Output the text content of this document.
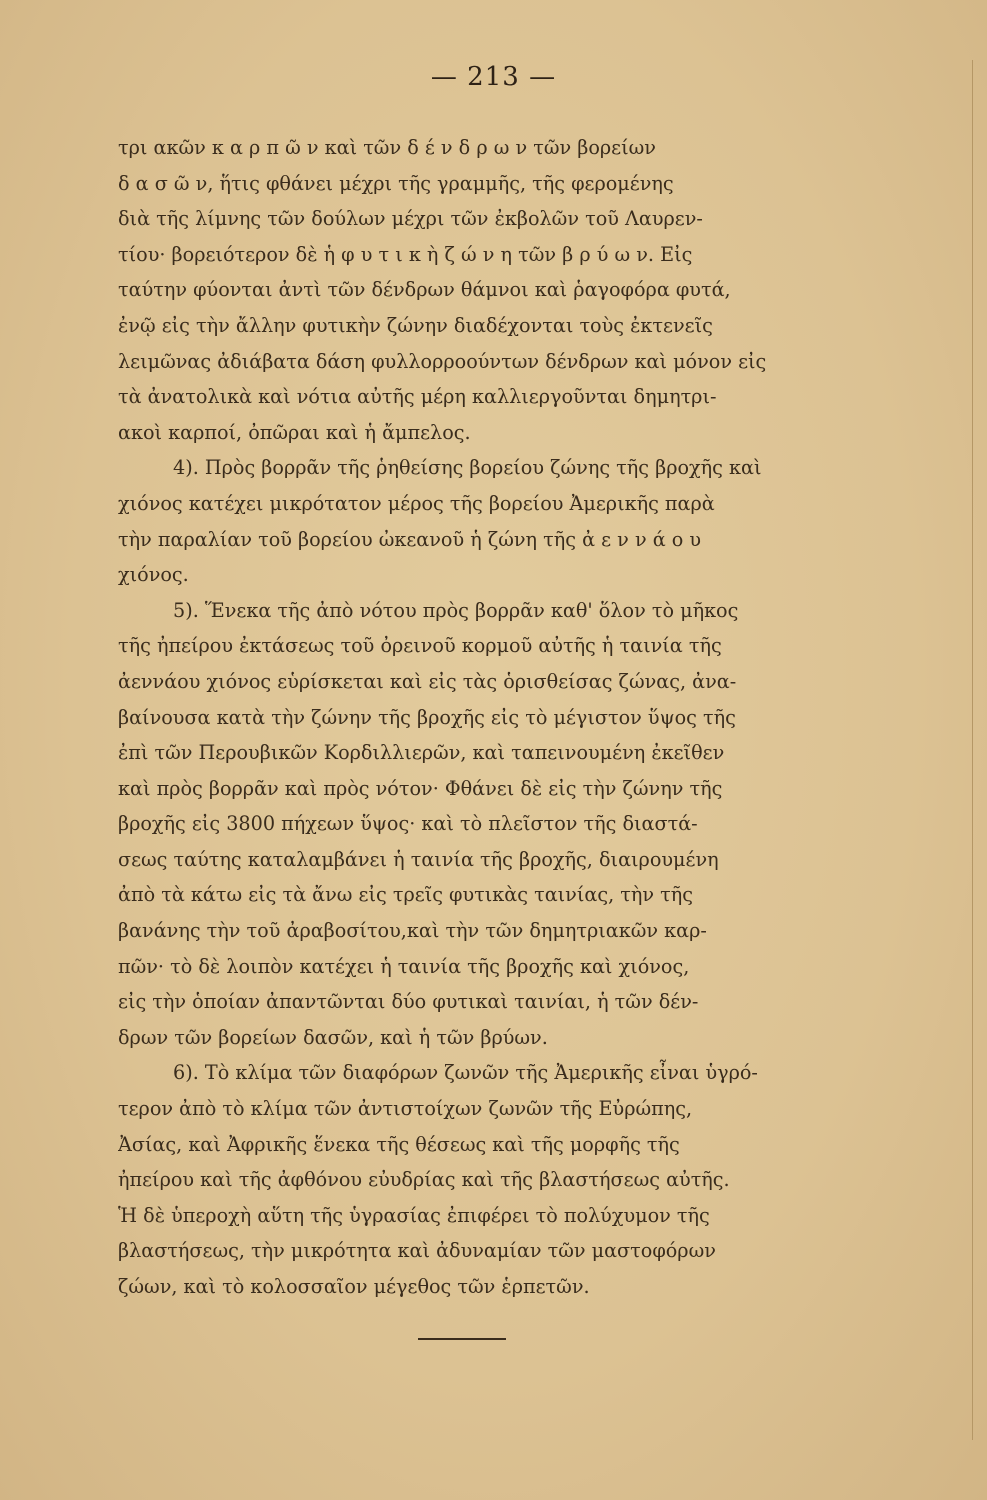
— 213 —
τρι ακῶν κ α ρ π ῶ ν καὶ τῶν δ έ ν δ ρ ω ν τῶν βορείων
δ α σ ῶ ν, ἥτις φθάνει μέχρι τῆς γραμμῆς, τῆς φερομένης
διὰ τῆς λίμνης τῶν δούλων μέχρι τῶν ἐκβολῶν τοῦ Λαυρεν-
τίου· βορειότερον δὲ ἡ φ υ τ ι κ ὴ ζ ώ ν η τῶν β ρ ύ ω ν. Εἰς
ταύτην φύονται ἀντὶ τῶν δένδρων θάμνοι καὶ ῥαγοφόρα φυτά,
ἐνῷ εἰς τὴν ἄλλην φυτικὴν ζώνην διαδέχονται τοὺς ἐκτενεῖς
λειμῶνας ἀδιάβατα δάση φυλλορροούντων δένδρων καὶ μόνον εἰς
τὰ ἀνατολικὰ καὶ νότια αὐτῆς μέρη καλλιεργοῦνται δημητρι-
ακοὶ καρποί, ὀπῶραι καὶ ἡ ἄμπελος.
4). Πρὸς βορρᾶν τῆς ῥηθείσης βορείου ζώνης τῆς βροχῆς καὶ
χιόνος κατέχει μικρότατον μέρος τῆς βορείου Ἀμερικῆς παρὰ
τὴν παραλίαν τοῦ βορείου ὠκεανοῦ ἡ ζώνη τῆς ἀ ε ν ν ά ο υ
χιόνος.
5). Ἕνεκα τῆς ἀπὸ νότου πρὸς βορρᾶν καθ' ὅλον τὸ μῆκος
τῆς ἠπείρου ἐκτάσεως τοῦ ὀρεινοῦ κορμοῦ αὐτῆς ἡ ταινία τῆς
ἀεννάου χιόνος εὑρίσκεται καὶ εἰς τὰς ὁρισθείσας ζώνας, ἀνα-
βαίνουσα κατὰ τὴν ζώνην τῆς βροχῆς εἰς τὸ μέγιστον ὕψος τῆς
ἐπὶ τῶν Περουβικῶν Κορδιλλιερῶν, καὶ ταπεινουμένη ἐκεῖθεν
καὶ πρὸς βορρᾶν καὶ πρὸς νότον· Φθάνει δὲ εἰς τὴν ζώνην τῆς
βροχῆς εἰς 3800 πήχεων ὕψος· καὶ τὸ πλεῖστον τῆς διαστά-
σεως ταύτης καταλαμβάνει ἡ ταινία τῆς βροχῆς, διαιρουμένη
ἀπὸ τὰ κάτω εἰς τὰ ἄνω εἰς τρεῖς φυτικὰς ταινίας, τὴν τῆς
βανάνης τὴν τοῦ ἀραβοσίτου,καὶ τὴν τῶν δημητριακῶν καρ-
πῶν· τὸ δὲ λοιπὸν κατέχει ἡ ταινία τῆς βροχῆς καὶ χιόνος,
εἰς τὴν ὁποίαν ἀπαντῶνται δύο φυτικαὶ ταινίαι, ἡ τῶν δέν-
δρων τῶν βορείων δασῶν, καὶ ἡ τῶν βρύων.
6). Τὸ κλίμα τῶν διαφόρων ζωνῶν τῆς Ἀμερικῆς εἶναι ὑγρό-
τερον ἀπὸ τὸ κλίμα τῶν ἀντιστοίχων ζωνῶν τῆς Εὐρώπης,
Ἀσίας, καὶ Ἀφρικῆς ἕνεκα τῆς θέσεως καὶ τῆς μορφῆς τῆς
ἠπείρου καὶ τῆς ἀφθόνου εὐυδρίας καὶ τῆς βλαστήσεως αὐτῆς.
Ἡ δὲ ὑπεροχὴ αὕτη τῆς ὑγρασίας ἐπιφέρει τὸ πολύχυμον τῆς
βλαστήσεως, τὴν μικρότητα καὶ ἀδυναμίαν τῶν μαστοφόρων
ζώων, καὶ τὸ κολοσσαῖον μέγεθος τῶν ἑρπετῶν.
